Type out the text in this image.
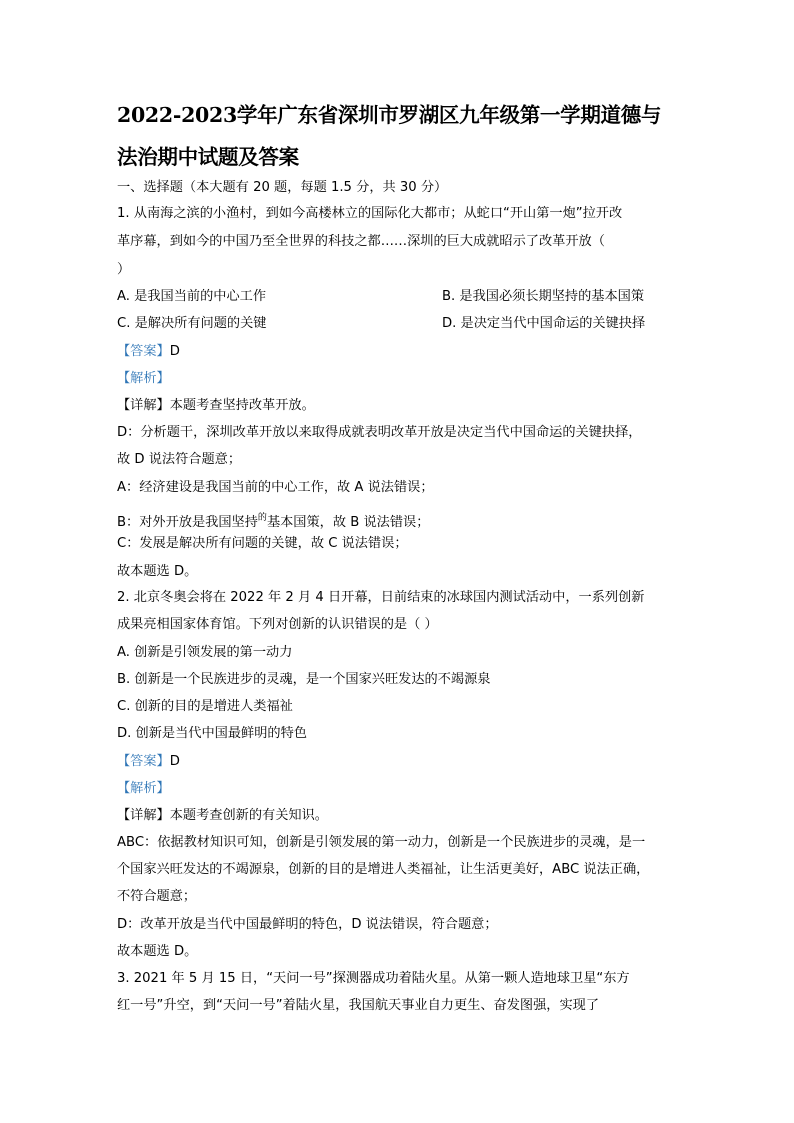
2022-2023学年广东省深圳市罗湖区九年级第一学期道德与
法治期中试题及答案
一、选择题（本大题有 20 题，每题 1.5 分，共 30 分）
1. 从南海之滨的小渔村，到如今高楼林立的国际化大都市；从蛇口“开山第一炮”拉开改
革序幕，到如今的中国乃至全世界的科技之都……深圳的巨大成就昭示了改革开放（
）
A. 是我国当前的中心工作	B. 是我国必须长期坚持的基本国策
C. 是解决所有问题的关键	D. 是决定当代中国命运的关键抉择
【答案】D
【解析】
【详解】本题考查坚持改革开放。
D：分析题干，深圳改革开放以来取得成就表明改革开放是决定当代中国命运的关键抉择，
故 D 说法符合题意；
A：经济建设是我国当前的中心工作，故 A 说法错误；
B：对外开放是我国坚持$^的$基本国策，故 B 说法错误；
C：发展是解决所有问题的关键，故 C 说法错误；
故本题选 D。
2. 北京冬奥会将在 2022 年 2 月 4 日开幕，日前结束的冰球国内测试活动中，一系列创新
成果亮相国家体育馆。下列对创新的认识错误的是（ ）
A. 创新是引领发展的第一动力
B. 创新是一个民族进步的灵魂，是一个国家兴旺发达的不竭源泉
C. 创新的目的是增进人类福祉
D. 创新是当代中国最鲜明的特色
【答案】D
【解析】
【详解】本题考查创新的有关知识。
ABC：依据教材知识可知，创新是引领发展的第一动力，创新是一个民族进步的灵魂，是一
个国家兴旺发达的不竭源泉，创新的目的是增进人类福祉，让生活更美好，ABC 说法正确，
不符合题意；
D：改革开放是当代中国最鲜明的特色，D 说法错误，符合题意；
故本题选 D。
3. 2021 年 5 月 15 日，“天问一号”探测器成功着陆火星。从第一颗人造地球卫星“东方
红一号”升空，到“天问一号”着陆火星，我国航天事业自力更生、奋发图强，实现了
